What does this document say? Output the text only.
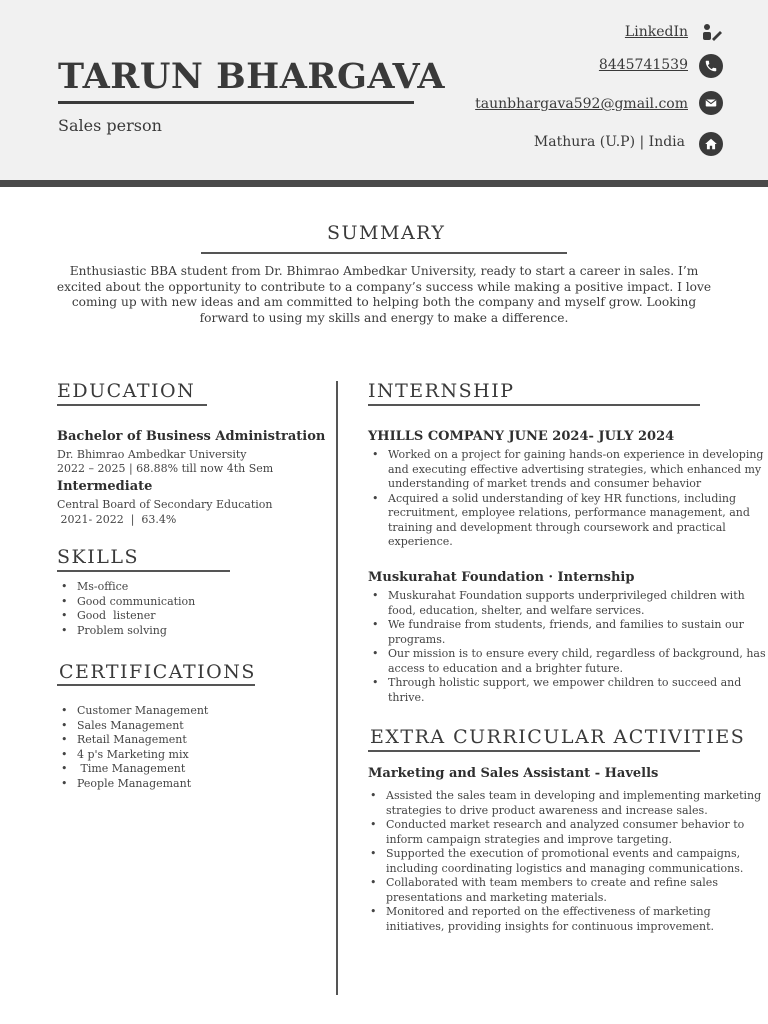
TARUN BHARGAVA
Sales person
LinkedIn
8445741539
taunbhargava592@gmail.com
Mathura (U.P) | India
SUMMARY
Enthusiastic BBA student from Dr. Bhimrao Ambedkar University, ready to start a career in sales. I’m excited about the opportunity to contribute to a company’s success while making a positive impact. I love coming up with new ideas and am committed to helping both the company and myself grow. Looking forward to using my skills and energy to make a difference.
EDUCATION
Bachelor of Business Administration
Dr. Bhimrao Ambedkar University
2022 – 2025 | 68.88% till now 4th Sem
Intermediate
Central Board of Secondary Education
2021- 2022  |  63.4%
SKILLS
• Ms-office
• Good communication
• Good  listener
• Problem solving
CERTIFICATIONS
• Customer Management
• Sales Management
• Retail Management
• 4 p's Marketing mix
•  Time Management
• People Managemant
INTERNSHIP
YHILLS COMPANY JUNE 2024- JULY 2024
• Worked on a project for gaining hands-on experience in developing
and executing effective advertising strategies, which enhanced my
understanding of market trends and consumer behavior
• Acquired a solid understanding of key HR functions, including
recruitment, employee relations, performance management, and
training and development through coursework and practical
experience.
Muskurahat Foundation · Internship
• Muskurahat Foundation supports underprivileged children with
food, education, shelter, and welfare services.
• We fundraise from students, friends, and families to sustain our
programs.
• Our mission is to ensure every child, regardless of background, has
access to education and a brighter future.
• Through holistic support, we empower children to succeed and
thrive.
EXTRA CURRICULAR ACTIVITIES
Marketing and Sales Assistant - Havells
• Assisted the sales team in developing and implementing marketing
strategies to drive product awareness and increase sales.
• Conducted market research and analyzed consumer behavior to
inform campaign strategies and improve targeting.
• Supported the execution of promotional events and campaigns,
including coordinating logistics and managing communications.
• Collaborated with team members to create and refine sales
presentations and marketing materials.
• Monitored and reported on the effectiveness of marketing
initiatives, providing insights for continuous improvement.
